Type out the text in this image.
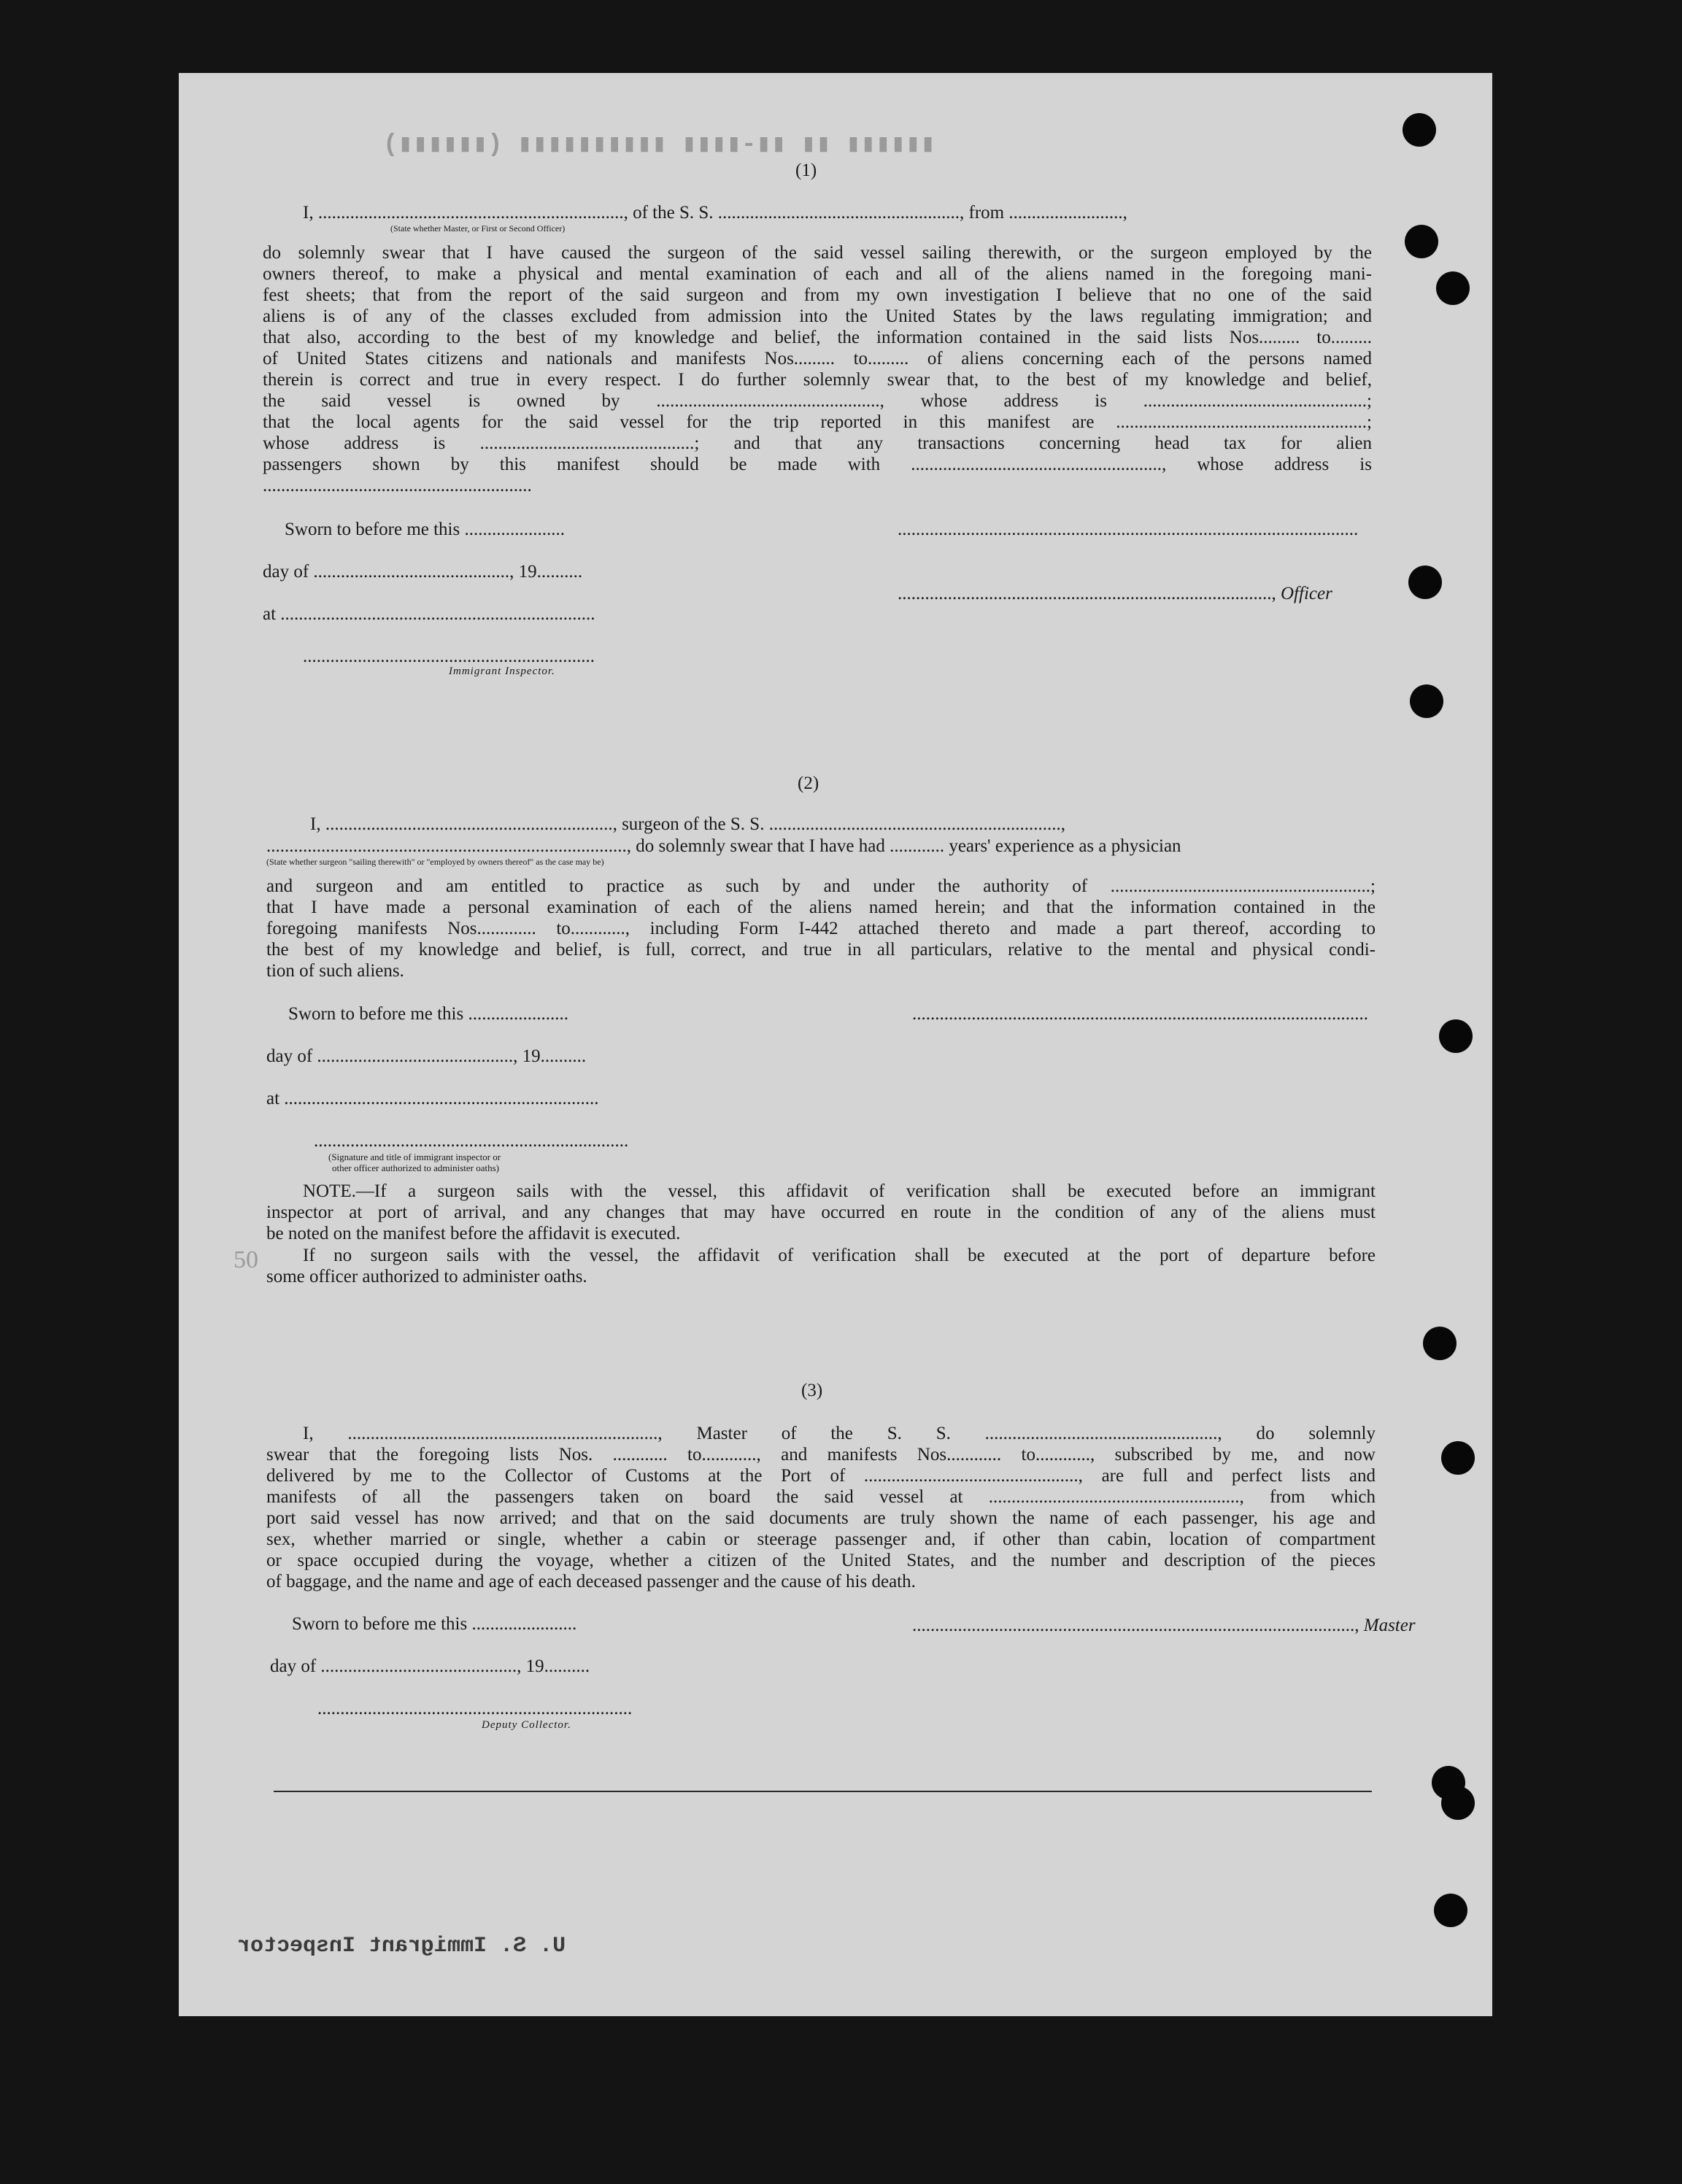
▮▮▮▮▮▮ ▮▮ ▮▮-▮▮▮▮ ▮▮▮▮▮▮▮▮▮▮ (▮▮▮▮▮▮)
(1)
I, ..................................................................., of the S. S. ....................................................., from .........................,
(State whether Master, or First or Second Officer)
do solemnly swear that I have caused the surgeon of the said vessel sailing therewith, or the surgeon employed by the
owners thereof, to make a physical and mental examination of each and all of the aliens named in the foregoing mani-
fest sheets; that from the report of the said surgeon and from my own investigation I believe that no one of the said
aliens is of any of the classes excluded from admission into the United States by the laws regulating immigration; and
that also, according to the best of my knowledge and belief, the information contained in the said lists Nos......... to.........
of United States citizens and nationals and manifests Nos......... to......... of aliens concerning each of the persons named
therein is correct and true in every respect. I do further solemnly swear that, to the best of my knowledge and belief,
the said vessel is owned by ................................................., whose address is .................................................;
that the local agents for the said vessel for the trip reported in this manifest are .......................................................;
whose address is ...............................................; and that any transactions concerning head tax for alien
passengers shown by this manifest should be made with ......................................................., whose address is
...........................................................
Sworn to before me this ......................	.....................................................................................................
day of ..........................................., 19..........
.................................................................................., Officer
at .....................................................................
................................................................
Immigrant Inspector.
(2)
I, ..............................................................., surgeon of the S. S. ................................................................,
..............................................................................., do solemnly swear that I have had ............ years' experience as a physician
(State whether surgeon "sailing therewith" or "employed by owners thereof" as the case may be)
and surgeon and am entitled to practice as such by and under the authority of .........................................................;
that I have made a personal examination of each of the aliens named herein; and that the information contained in the
foregoing manifests Nos............. to............, including Form I-442 attached thereto and made a part thereof, according to
the best of my knowledge and belief, is full, correct, and true in all particulars, relative to the mental and physical condi-
tion of such aliens.
Sworn to before me this ......................	....................................................................................................
day of ..........................................., 19..........
at .....................................................................
.....................................................................
(Signature and title of immigrant inspector or
other officer authorized to administer oaths)
NOTE.—If a surgeon sails with the vessel, this affidavit of verification shall be executed before an immigrant
inspector at port of arrival, and any changes that may have occurred en route in the condition of any of the aliens must
be noted on the manifest before the affidavit is executed.
If no surgeon sails with the vessel, the affidavit of verification shall be executed at the port of departure before
some officer authorized to administer oaths.
50
(3)
I, ...................................................................., Master of the S. S. ..................................................., do solemnly
swear that the foregoing lists Nos. ............ to............, and manifests Nos............ to............, subscribed by me, and now
delivered by me to the Collector of Customs at the Port of ..............................................., are full and perfect lists and
manifests of all the passengers taken on board the said vessel at ......................................................., from which
port said vessel has now arrived; and that on the said documents are truly shown the name of each passenger, his age and
sex, whether married or single, whether a cabin or steerage passenger and, if other than cabin, location of compartment
or space occupied during the voyage, whether a citizen of the United States, and the number and description of the pieces
of baggage, and the name and age of each deceased passenger and the cause of his death.
Sworn to before me this .......................	................................................................................................., Master
day of ..........................................., 19..........
.....................................................................
Deputy Collector.
U. S. Immigrant Inspector
